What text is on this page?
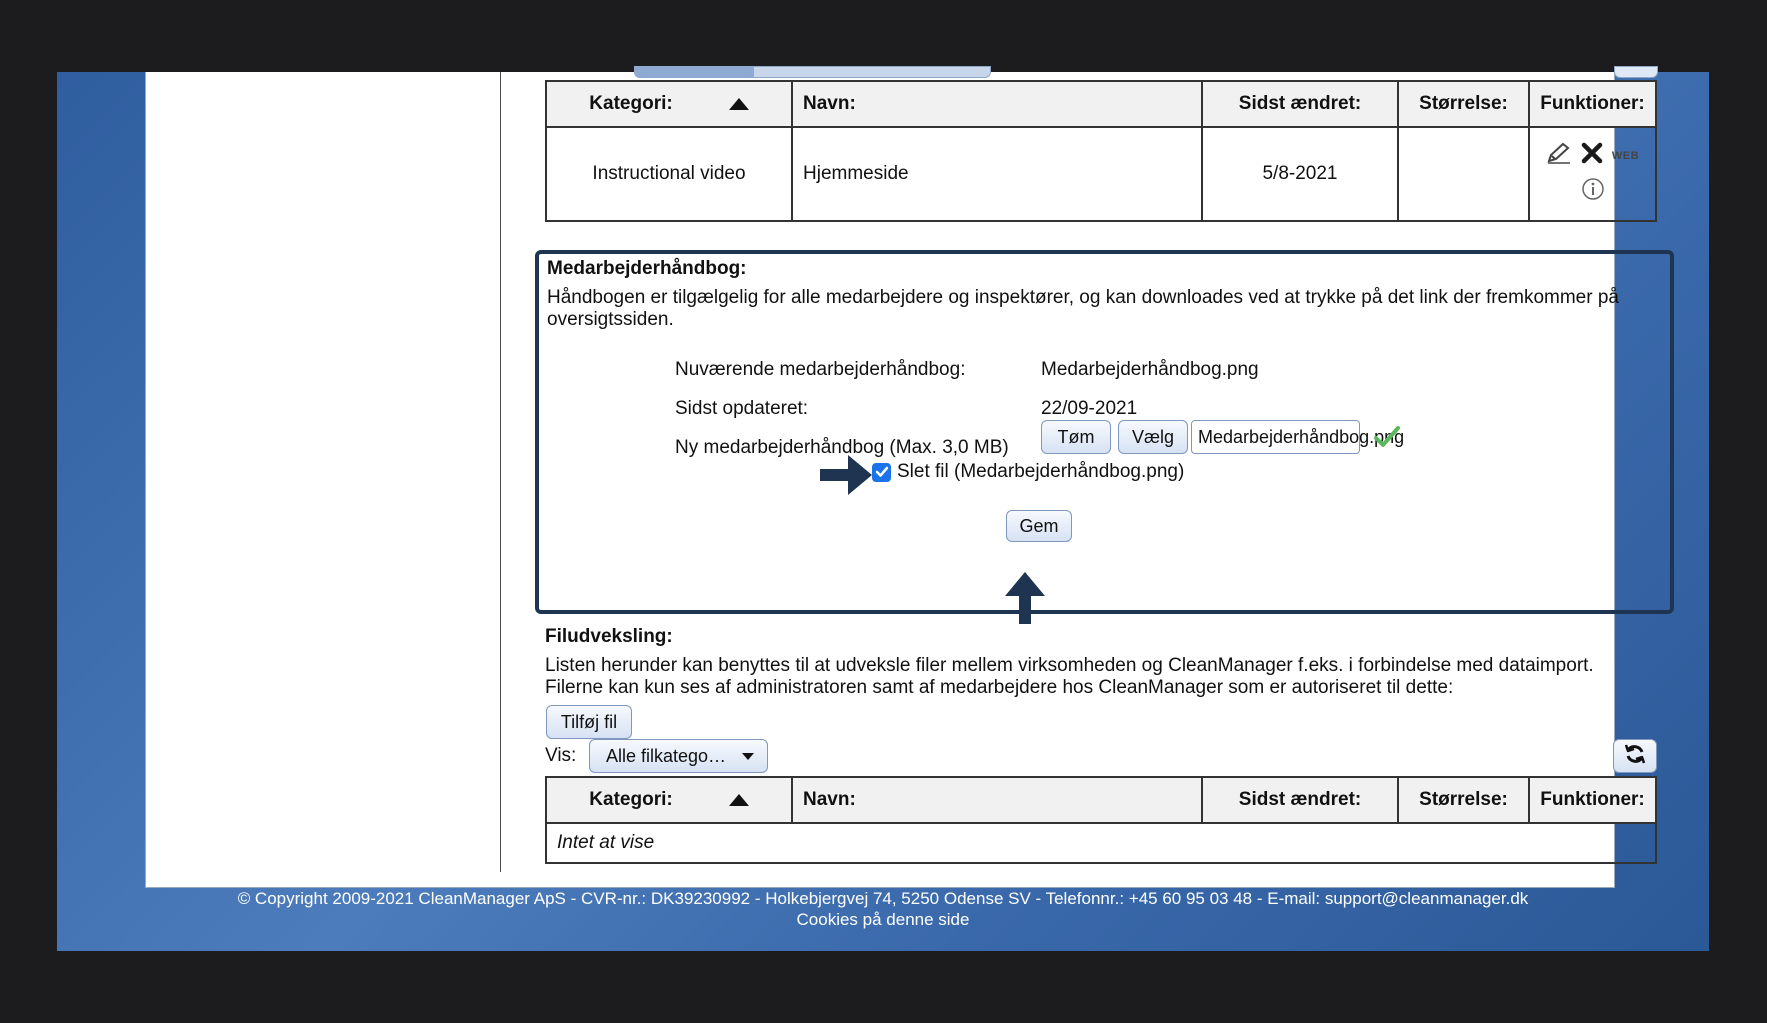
Kategori:	Navn:	Sidst ændret:	Størrelse:	Funktioner:
Instructional video	Hjemmeside	5/8-2021		WEB
Medarbejderhåndbog:
Håndbogen er tilgælgelig for alle medarbejdere og inspektører, og kan downloades ved at trykke på det link der fremkommer på oversigtssiden.
Nuværende medarbejderhåndbog:	Medarbejderhåndbog.png
Sidst opdateret:	22/09-2021
Ny medarbejderhåndbog (Max. 3,0 MB)
Tøm	Vælg	Medarbejderhåndbog.png
Slet fil (Medarbejderhåndbog.png)
Gem
Filudveksling:
Listen herunder kan benyttes til at udveksle filer mellem virksomheden og CleanManager f.eks. i forbindelse med dataimport.
Filerne kan kun ses af administratoren samt af medarbejdere hos CleanManager som er autoriseret til dette:
Tilføj fil
Vis: Alle filkatego…
Kategori:	Navn:	Sidst ændret:	Størrelse:	Funktioner:
Intet at vise
© Copyright 2009-2021 CleanManager ApS - CVR-nr.: DK39230992 - Holkebjergvej 74, 5250 Odense SV - Telefonnr.: +45 60 95 03 48 - E-mail: support@cleanmanager.dk
Cookies på denne side
